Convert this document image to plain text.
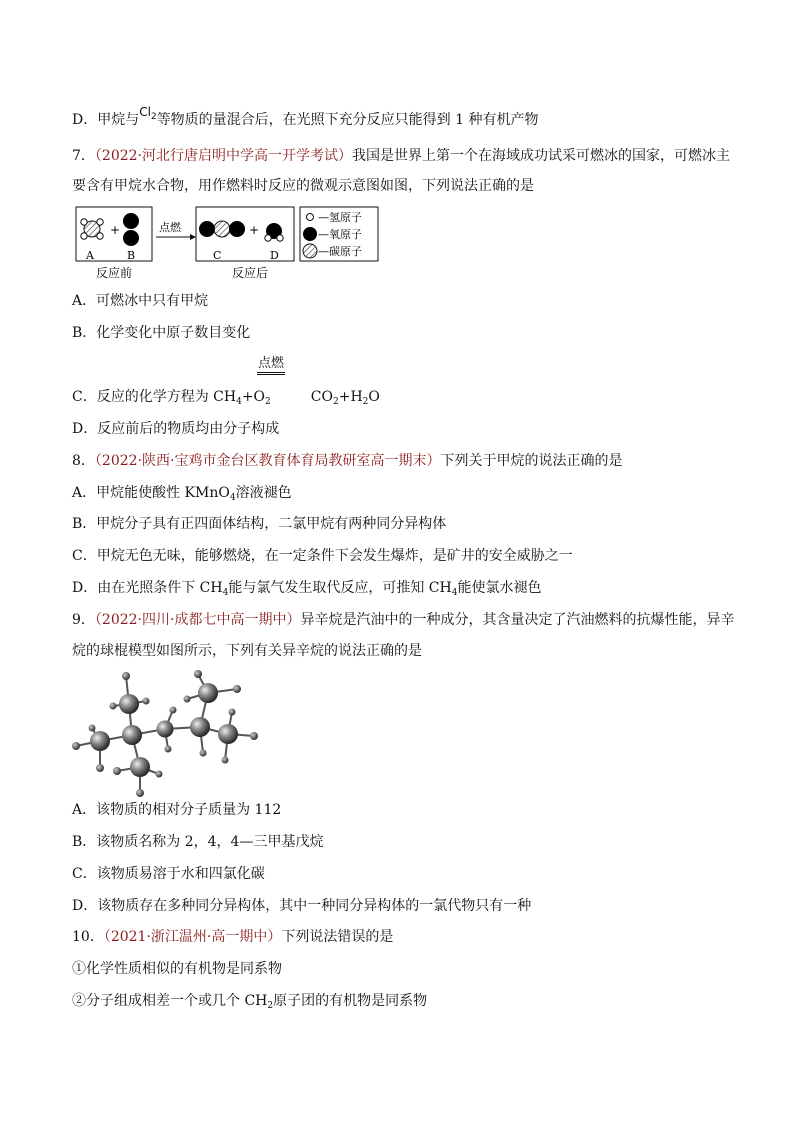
D．甲烷与$Cl_2$等物质的量混合后，在光照下充分反应只能得到 1 种有机产物
7．（2022·河北行唐启明中学高一开学考试）我国是世界上第一个在海域成功试采可燃冰的国家，可燃冰主
要含有甲烷水合物，用作燃料时反应的微观示意图如图，下列说法正确的是
+
A	B
反应前
点燃	+
C	D
反应后
—氢原子
—氧原子
—碳原子
A．可燃冰中只有甲烷
B．化学变化中原子数目变化
点燃
C．反应的化学方程为 $CH_4+O_2$	$CO_2+H_2O$
D．反应前后的物质均由分子构成
8．（2022·陕西·宝鸡市金台区教育体育局教研室高一期末）下列关于甲烷的说法正确的是
A．甲烷能使酸性 KMnO$_4$溶液褪色
B．甲烷分子具有正四面体结构，二氯甲烷有两种同分异构体
C．甲烷无色无味，能够燃烧，在一定条件下会发生爆炸，是矿井的安全威胁之一
D．由在光照条件下 $CH_4$能与氯气发生取代反应，可推知 $CH_4$能使氯水褪色
9．（2022·四川·成都七中高一期中）异辛烷是汽油中的一种成分，其含量决定了汽油燃料的抗爆性能，异辛
烷的球棍模型如图所示，下列有关异辛烷的说法正确的是
A．该物质的相对分子质量为 112
B．该物质名称为 2，4，4—三甲基戊烷
C．该物质易溶于水和四氯化碳
D．该物质存在多种同分异构体，其中一种同分异构体的一氯代物只有一种
10．（2021·浙江温州·高一期中）下列说法错误的是
①化学性质相似的有机物是同系物
②分子组成相差一个或几个 $CH_2$原子团的有机物是同系物
